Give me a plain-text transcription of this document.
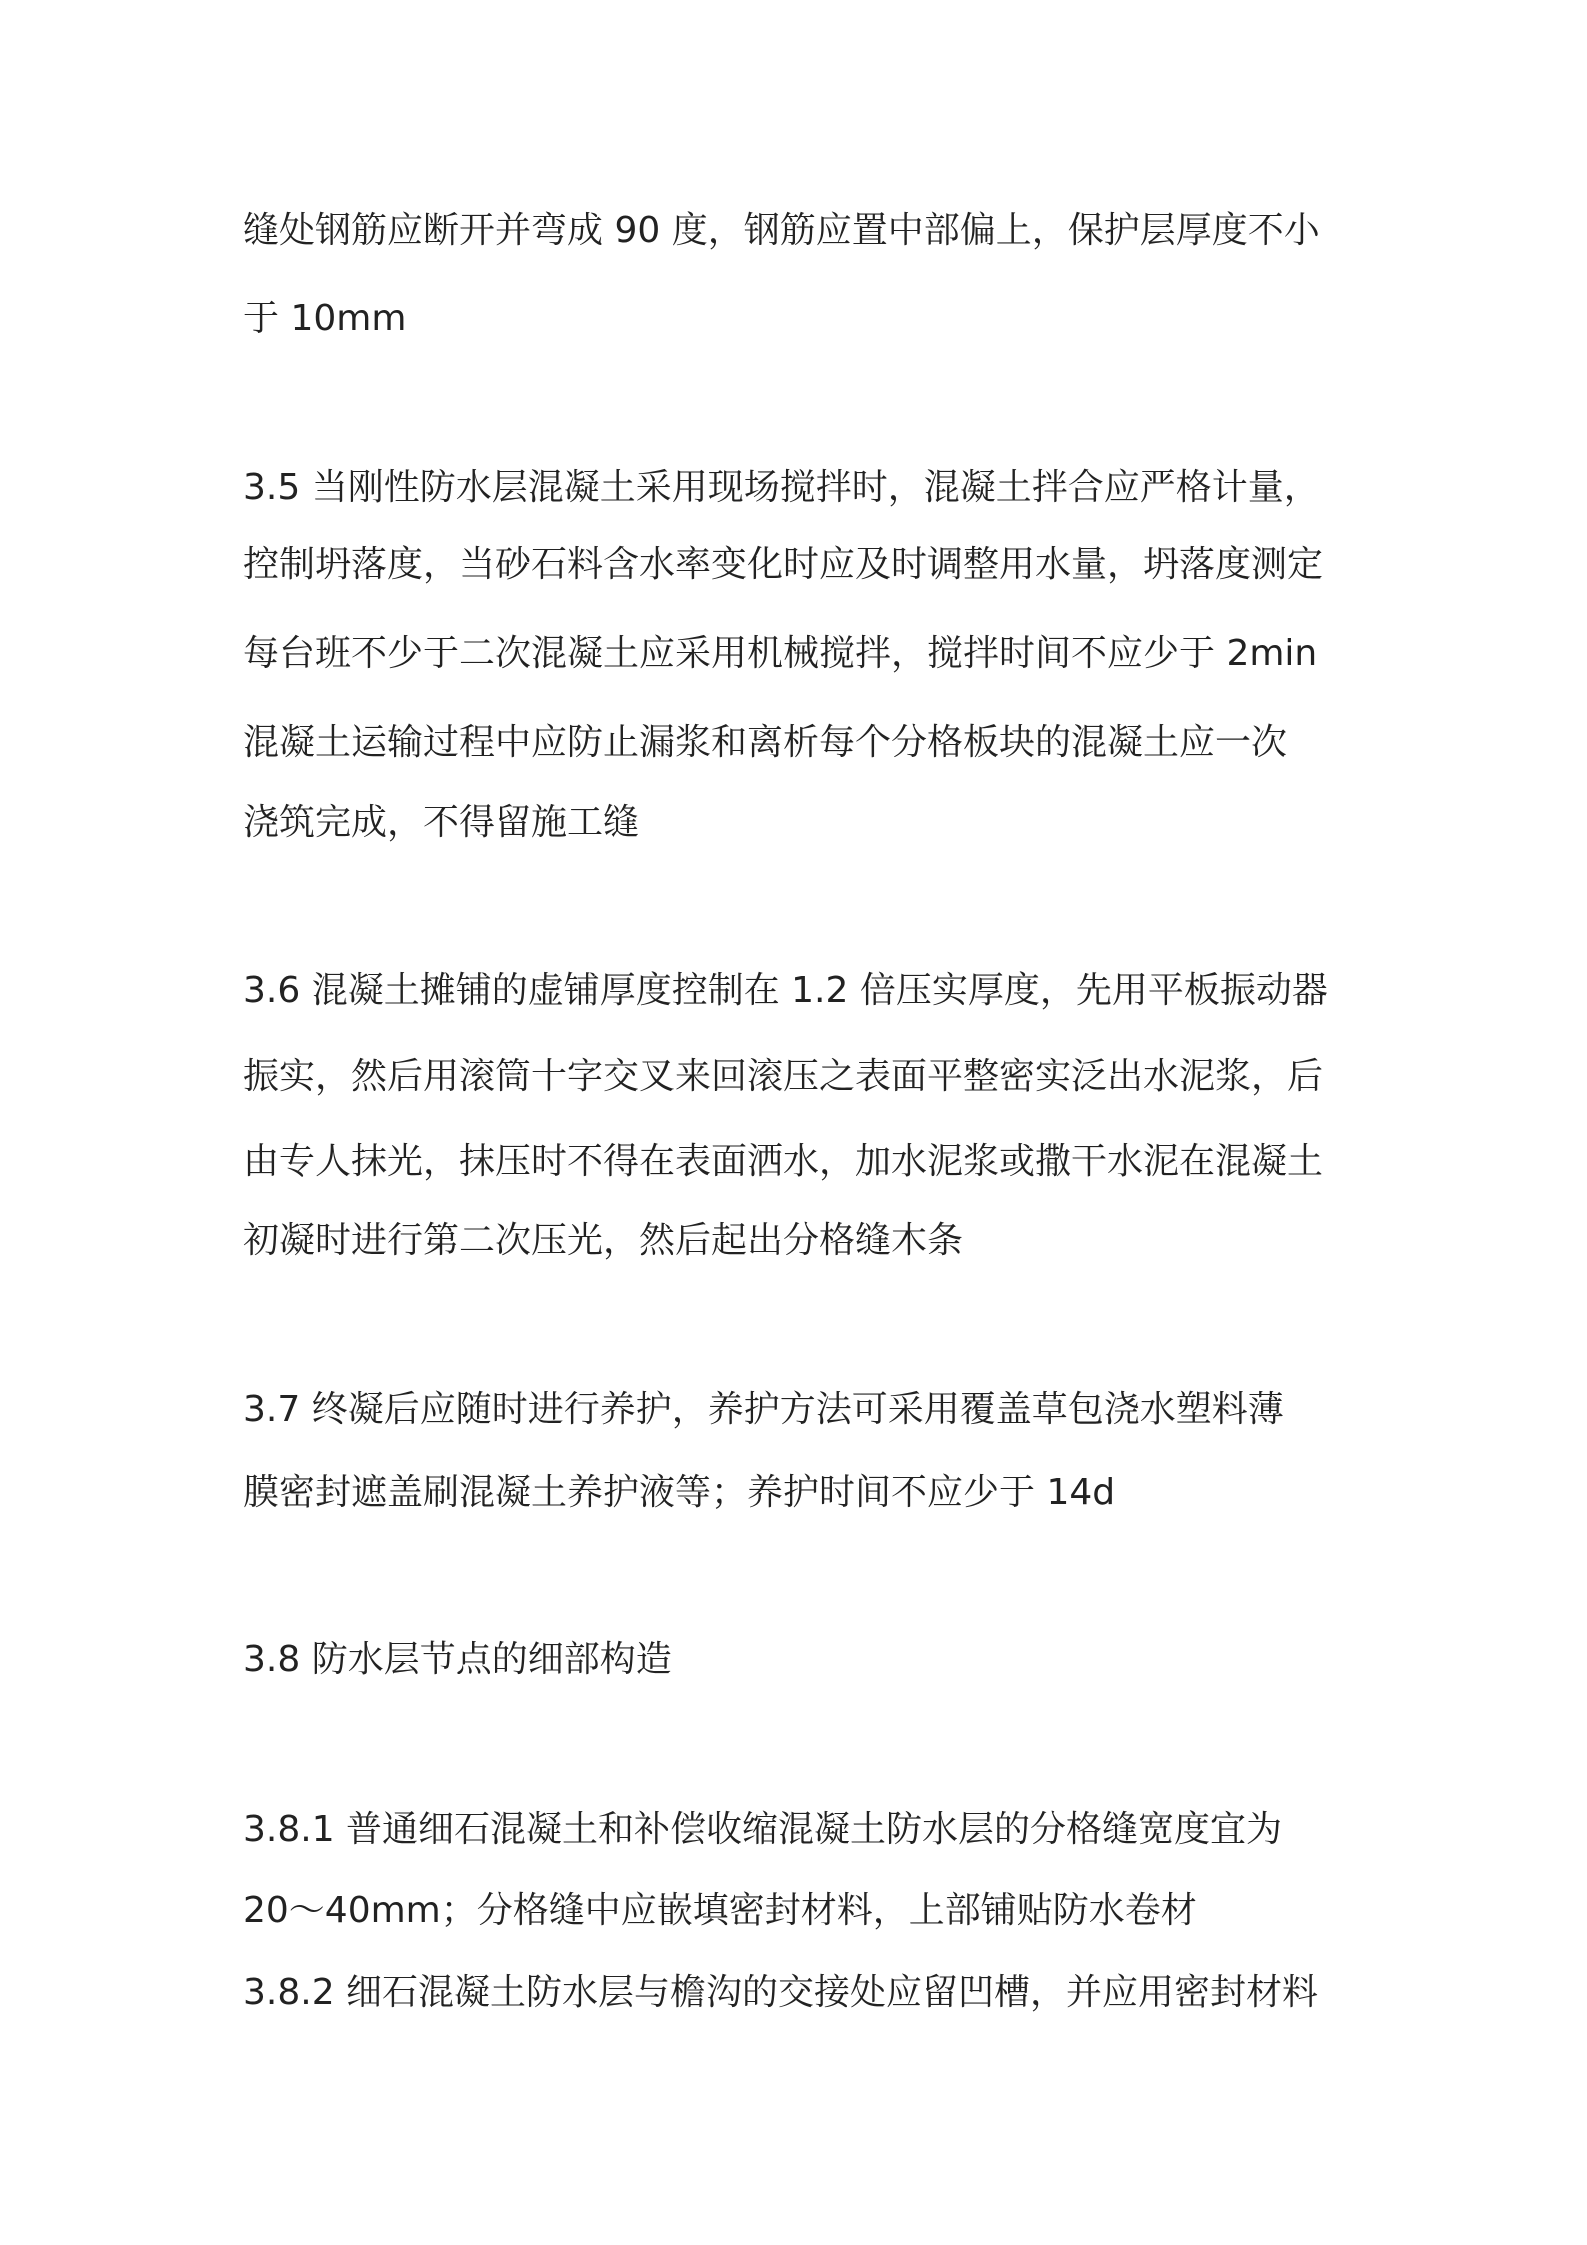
缝处钢筋应断开并弯成 90 度，钢筋应置中部偏上，保护层厚度不小
于 10mm
3.5 当刚性防水层混凝土采用现场搅拌时，混凝土拌合应严格计量，
控制坍落度，当砂石料含水率变化时应及时调整用水量，坍落度测定
每台班不少于二次混凝土应采用机械搅拌，搅拌时间不应少于 2min
混凝土运输过程中应防止漏浆和离析每个分格板块的混凝土应一次
浇筑完成，不得留施工缝
3.6 混凝土摊铺的虚铺厚度控制在 1.2 倍压实厚度，先用平板振动器
振实，然后用滚筒十字交叉来回滚压之表面平整密实泛出水泥浆，后
由专人抹光，抹压时不得在表面洒水，加水泥浆或撒干水泥在混凝土
初凝时进行第二次压光，然后起出分格缝木条
3.7 终凝后应随时进行养护，养护方法可采用覆盖草包浇水塑料薄
膜密封遮盖刷混凝土养护液等；养护时间不应少于 14d
3.8 防水层节点的细部构造
3.8.1 普通细石混凝土和补偿收缩混凝土防水层的分格缝宽度宜为
20～40mm；分格缝中应嵌填密封材料，上部铺贴防水卷材
3.8.2 细石混凝土防水层与檐沟的交接处应留凹槽，并应用密封材料
